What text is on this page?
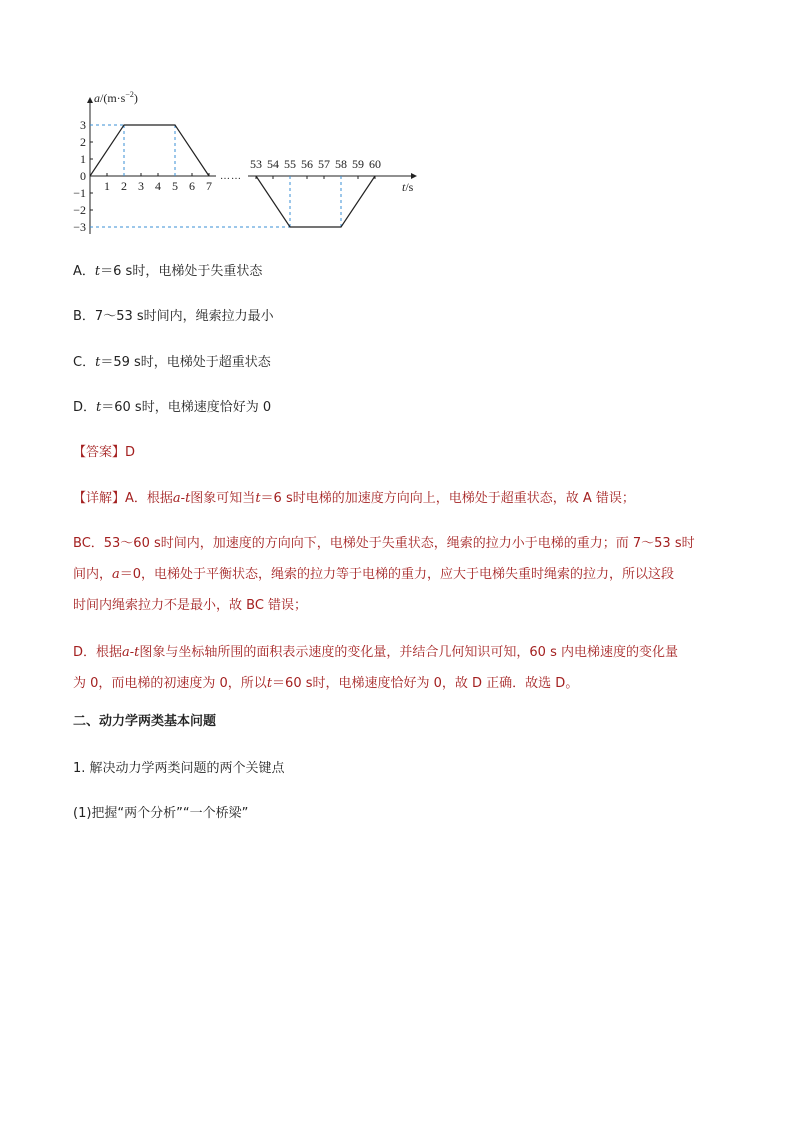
……
3
2
1
0
−1
−2
−3
1 2 3 4 5 6 7
53 54 55 56 57 58 59 60
$a/(m\cdot s^{-2})$
t/s
A．t＝6 s时，电梯处于失重状态
B．7～53 s时间内，绳索拉力最小
C．t＝59 s时，电梯处于超重状态
D．t＝60 s时，电梯速度恰好为 0
【答案】D
【详解】A．根据a-t图象可知当t＝6 s时电梯的加速度方向向上，电梯处于超重状态，故 A 错误；
BC．53～60 s时间内，加速度的方向向下，电梯处于失重状态，绳索的拉力小于电梯的重力；而 7～53 s时
间内，a＝0，电梯处于平衡状态，绳索的拉力等于电梯的重力，应大于电梯失重时绳索的拉力，所以这段
时间内绳索拉力不是最小，故 BC 错误；
D．根据a-t图象与坐标轴所围的面积表示速度的变化量，并结合几何知识可知，60 s 内电梯速度的变化量
为 0，而电梯的初速度为 0，所以t＝60 s时，电梯速度恰好为 0，故 D 正确．故选 D。
二、动力学两类基本问题
1. 解决动力学两类问题的两个关键点
(1)把握“两个分析”“一个桥梁”
